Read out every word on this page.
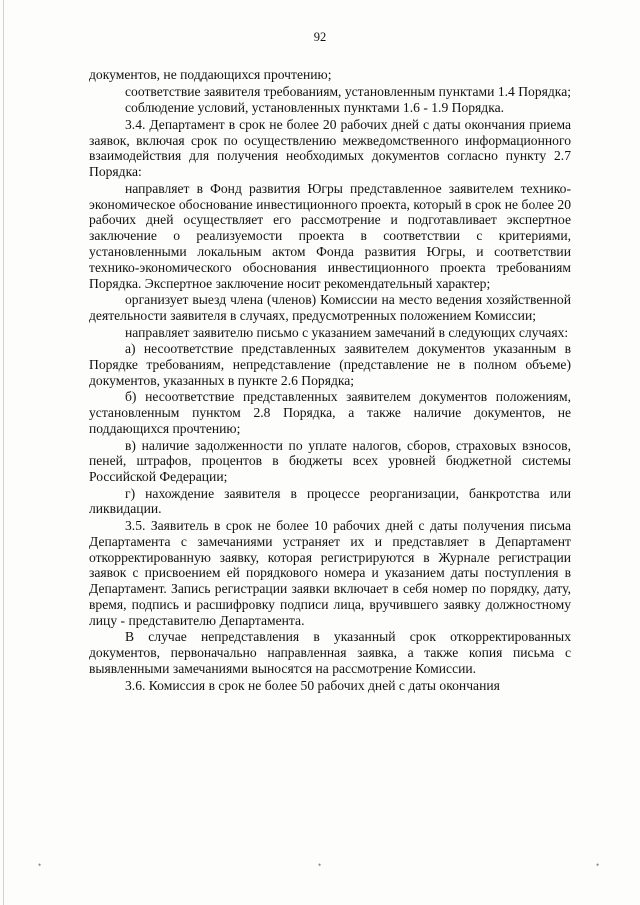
92

документов, не поддающихся прочтению;

соответствие заявителя требованиям, установленным пунктами 1.4 Порядка;

соблюдение условий, установленных пунктами 1.6 - 1.9 Порядка.

3.4. Департамент в срок не более 20 рабочих дней с даты окончания приема заявок, включая срок по осуществлению межведомственного информационного взаимодействия для получения необходимых документов согласно пункту 2.7 Порядка:

направляет в Фонд развития Югры представленное заявителем технико-экономическое обоснование инвестиционного проекта, который в срок не более 20 рабочих дней осуществляет его рассмотрение и подготавливает экспертное заключение о реализуемости проекта в соответствии с критериями, установленными локальным актом Фонда развития Югры, и соответствии технико-экономического обоснования инвестиционного проекта требованиям Порядка. Экспертное заключение носит рекомендательный характер;

организует выезд члена (членов) Комиссии на место ведения хозяйственной деятельности заявителя в случаях, предусмотренных положением Комиссии;

направляет заявителю письмо с указанием замечаний в следующих случаях:

а) несоответствие представленных заявителем документов указанным в Порядке требованиям, непредставление (представление не в полном объеме) документов, указанных в пункте 2.6 Порядка;

б) несоответствие представленных заявителем документов положениям, установленным пунктом 2.8 Порядка, а также наличие документов, не поддающихся прочтению;

в) наличие задолженности по уплате налогов, сборов, страховых взносов, пеней, штрафов, процентов в бюджеты всех уровней бюджетной системы Российской Федерации;

г) нахождение заявителя в процессе реорганизации, банкротства или ликвидации.

3.5. Заявитель в срок не более 10 рабочих дней с даты получения письма Департамента с замечаниями устраняет их и представляет в Департамент откорректированную заявку, которая регистрируются в Журнале регистрации заявок с присвоением ей порядкового номера и указанием даты поступления в Департамент. Запись регистрации заявки включает в себя номер по порядку, дату, время, подпись и расшифровку подписи лица, вручившего заявку должностному лицу - представителю Департамента.

В случае непредставления в указанный срок откорректированных документов, первоначально направленная заявка, а также копия письма с выявленными замечаниями выносятся на рассмотрение Комиссии.

3.6. Комиссия в срок не более 50 рабочих дней с даты окончания

•	•	•
